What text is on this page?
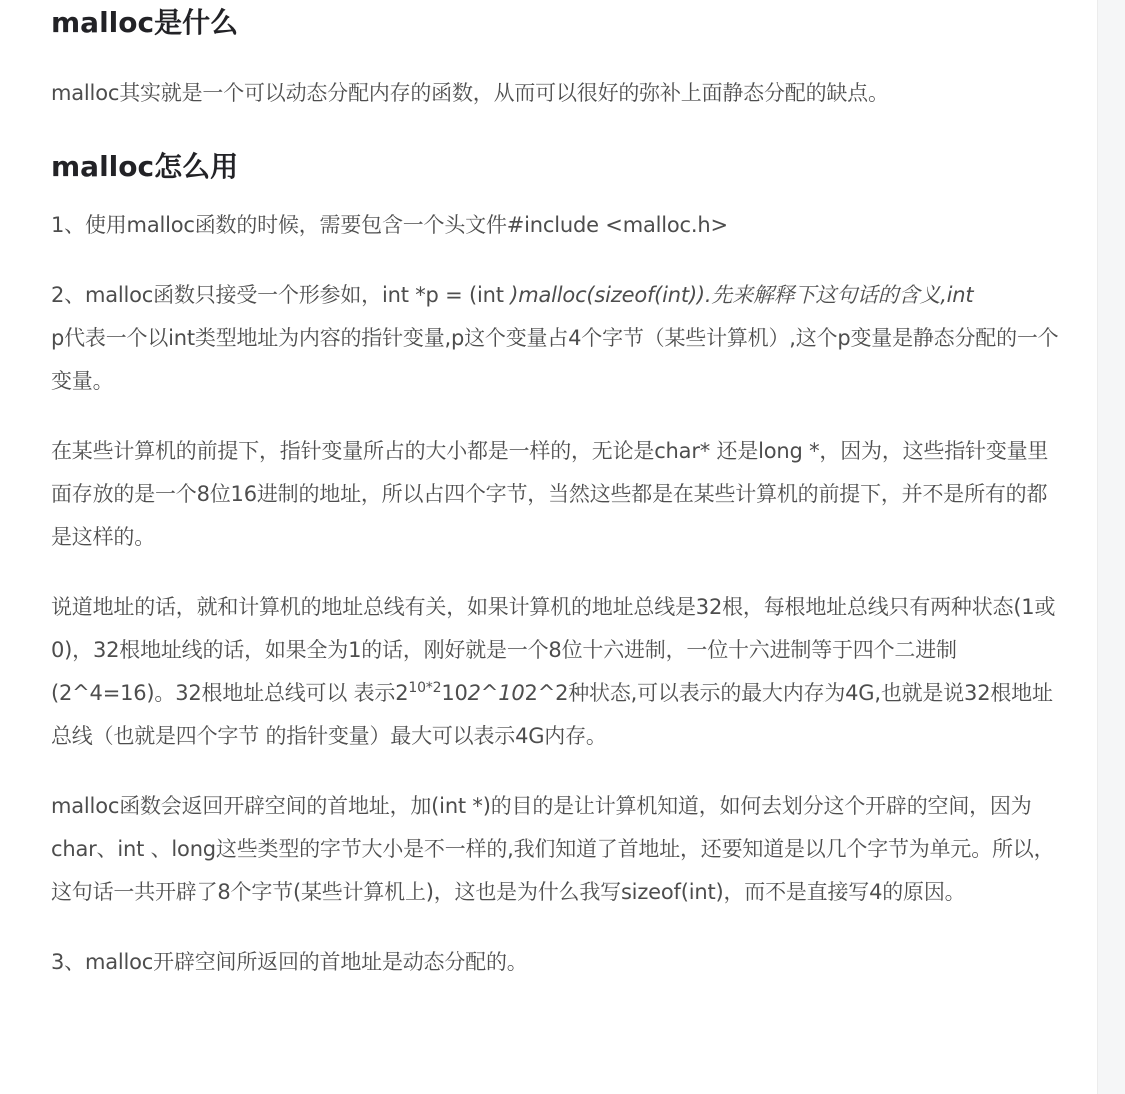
malloc是什么

malloc其实就是一个可以动态分配内存的函数，从而可以很好的弥补上面静态分配的缺点。

malloc怎么用

1、使用malloc函数的时候，需要包含一个头文件#include <malloc.h>

2、malloc函数只接受一个形参如，int *p = (int )malloc(sizeof(int)).先来解释下这句话的含义,int
p代表一个以int类型地址为内容的指针变量,p这个变量占4个字节（某些计算机）,这个p变量是静态分配的一个变量。

在某些计算机的前提下，指针变量所占的大小都是一样的，无论是char* 还是long *，因为，这些指针变量里面存放的是一个8位16进制的地址，所以占四个字节，当然这些都是在某些计算机的前提下，并不是所有的都是这样的。

说道地址的话，就和计算机的地址总线有关，如果计算机的地址总线是32根，每根地址总线只有两种状态(1或0)，32根地址线的话，如果全为1的话，刚好就是一个8位十六进制，一位十六进制等于四个二进制(2^4=16)。32根地址总线可以 表示$2^{10*2}102\^{}102\^{}2$种状态,可以表示的最大内存为4G,也就是说32根地址总线（也就是四个字节 的指针变量）最大可以表示4G内存。

malloc函数会返回开辟空间的首地址，加(int *)的目的是让计算机知道，如何去划分这个开辟的空间，因为char、int 、long这些类型的字节大小是不一样的,我们知道了首地址，还要知道是以几个字节为单元。所以，这句话一共开辟了8个字节(某些计算机上)，这也是为什么我写sizeof(int)，而不是直接写4的原因。

3、malloc开辟空间所返回的首地址是动态分配的。
